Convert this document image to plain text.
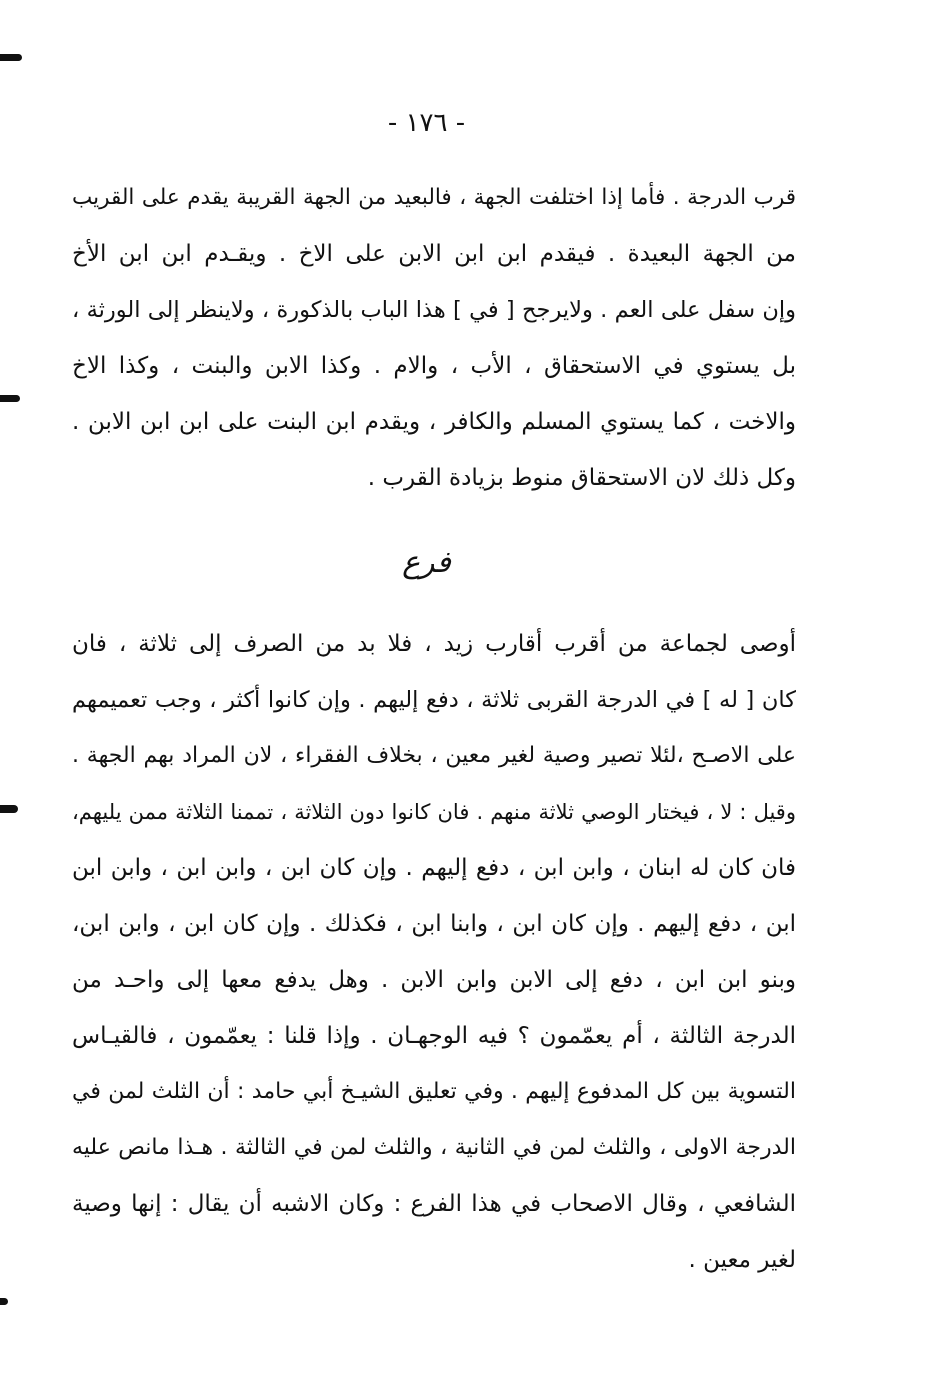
- ١٧٦ -
قرب الدرجة . فأما إذا اختلفت الجهة ، فالبعيد من الجهة القريبة يقدم على القريب
من الجهة البعيدة . فيقدم ابن ابن الابن على الاخ . ويقـدم ابن ابن الأخ
وإن سفل على العم . ولايرجح [ في ] هذا الباب بالذكورة ، ولاينظر إلى الورثة ،
بل يستوي في الاستحقاق ، الأب ، والام . وكذا الابن والبنت ، وكذا الاخ
والاخت ، كما يستوي المسلم والكافر ، ويقدم ابن البنت على ابن ابن الابن .
وكل ذلك لان الاستحقاق منوط بزيادة القرب .
فرع
أوصى لجماعة من أقرب أقارب زيد ، فلا بد من الصرف إلى ثلاثة ، فان
كان [ له ] في الدرجة القربى ثلاثة ، دفع إليهم . وإن كانوا أكثر ، وجب تعميمهم
على الاصـح ،لئلا تصير وصية لغير معين ، بخلاف الفقراء ، لان المراد بهم الجهة .
وقيل : لا ، فيختار الوصي ثلاثة منهم . فان كانوا دون الثلاثة ، تممنا الثلاثة ممن يليهم،
فان كان له ابنان ، وابن ابن ، دفع إليهم . وإن كان ابن ، وابن ابن ، وابن ابن
ابن ، دفع إليهم . وإن كان ابن ، وابنا ابن ، فكذلك . وإن كان ابن ، وابن ابن،
وبنو ابن ابن ، دفع إلى الابن وابن الابن . وهل يدفع معها إلى واحـد من
الدرجة الثالثة ، أم يعمّمون ؟ فيه الوجهـان . وإذا قلنا : يعمّمون ، فالقيـاس
التسوية بين كل المدفوع إليهم . وفي تعليق الشيـخ أبي حامد : أن الثلث لمن في
الدرجة الاولى ، والثلث لمن في الثانية ، والثلث لمن في الثالثة . هـذا مانص عليه
الشافعي ، وقال الاصحاب في هذا الفرع : وكان الاشبه أن يقال : إنها وصية
لغير معين .
